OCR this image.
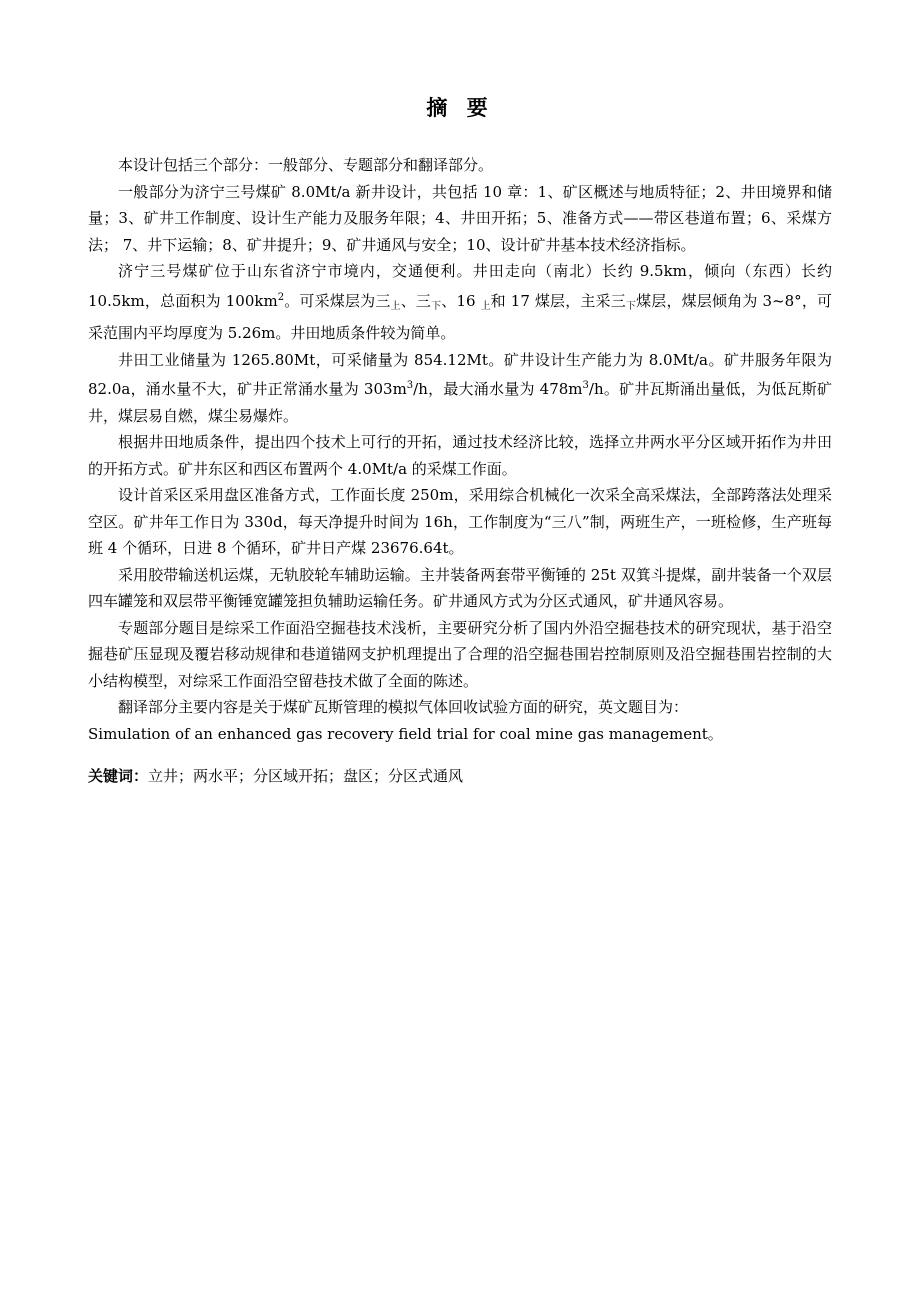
摘 要

本设计包括三个部分：一般部分、专题部分和翻译部分。

一般部分为济宁三号煤矿 8.0Mt/a 新井设计，共包括 10 章：1、矿区概述与地质特征；2、井田境界和储量；3、矿井工作制度、设计生产能力及服务年限；4、井田开拓；5、准备方式——带区巷道布置；6、采煤方法； 7、井下运输；8、矿井提升；9、矿井通风与安全；10、设计矿井基本技术经济指标。

济宁三号煤矿位于山东省济宁市境内，交通便利。井田走向（南北）长约 9.5km，倾向（东西）长约 10.5km，总面积为 $100km^2$。可采煤层为三$_上$、三$_下$、16 $_上$和 17 煤层，主采三$_下$煤层，煤层倾角为 3~8°，可采范围内平均厚度为 5.26m。井田地质条件较为简单。

井田工业储量为 1265.80Mt，可采储量为 854.12Mt。矿井设计生产能力为 8.0Mt/a。矿井服务年限为 82.0a，涌水量不大，矿井正常涌水量为 $303m^3/h$，最大涌水量为 $478m^3/h$。矿井瓦斯涌出量低，为低瓦斯矿井，煤层易自燃，煤尘易爆炸。

根据井田地质条件，提出四个技术上可行的开拓，通过技术经济比较，选择立井两水平分区域开拓作为井田的开拓方式。矿井东区和西区布置两个 4.0Mt/a 的采煤工作面。

设计首采区采用盘区准备方式，工作面长度 250m，采用综合机械化一次采全高采煤法，全部跨落法处理采空区。矿井年工作日为 330d，每天净提升时间为 16h，工作制度为“三八”制，两班生产，一班检修，生产班每班 4 个循环，日进 8 个循环，矿井日产煤 23676.64t。

采用胶带输送机运煤，无轨胶轮车辅助运输。主井装备两套带平衡锤的 25t 双箕斗提煤，副井装备一个双层四车罐笼和双层带平衡锤宽罐笼担负辅助运输任务。矿井通风方式为分区式通风，矿井通风容易。

专题部分题目是综采工作面沿空掘巷技术浅析，主要研究分析了国内外沿空掘巷技术的研究现状，基于沿空掘巷矿压显现及覆岩移动规律和巷道锚网支护机理提出了合理的沿空掘巷围岩控制原则及沿空掘巷围岩控制的大小结构模型，对综采工作面沿空留巷技术做了全面的陈述。

翻译部分主要内容是关于煤矿瓦斯管理的模拟气体回收试验方面的研究，英文题目为：

Simulation of an enhanced gas recovery field trial for coal mine gas management。

关键词：立井；两水平；分区域开拓；盘区；分区式通风
